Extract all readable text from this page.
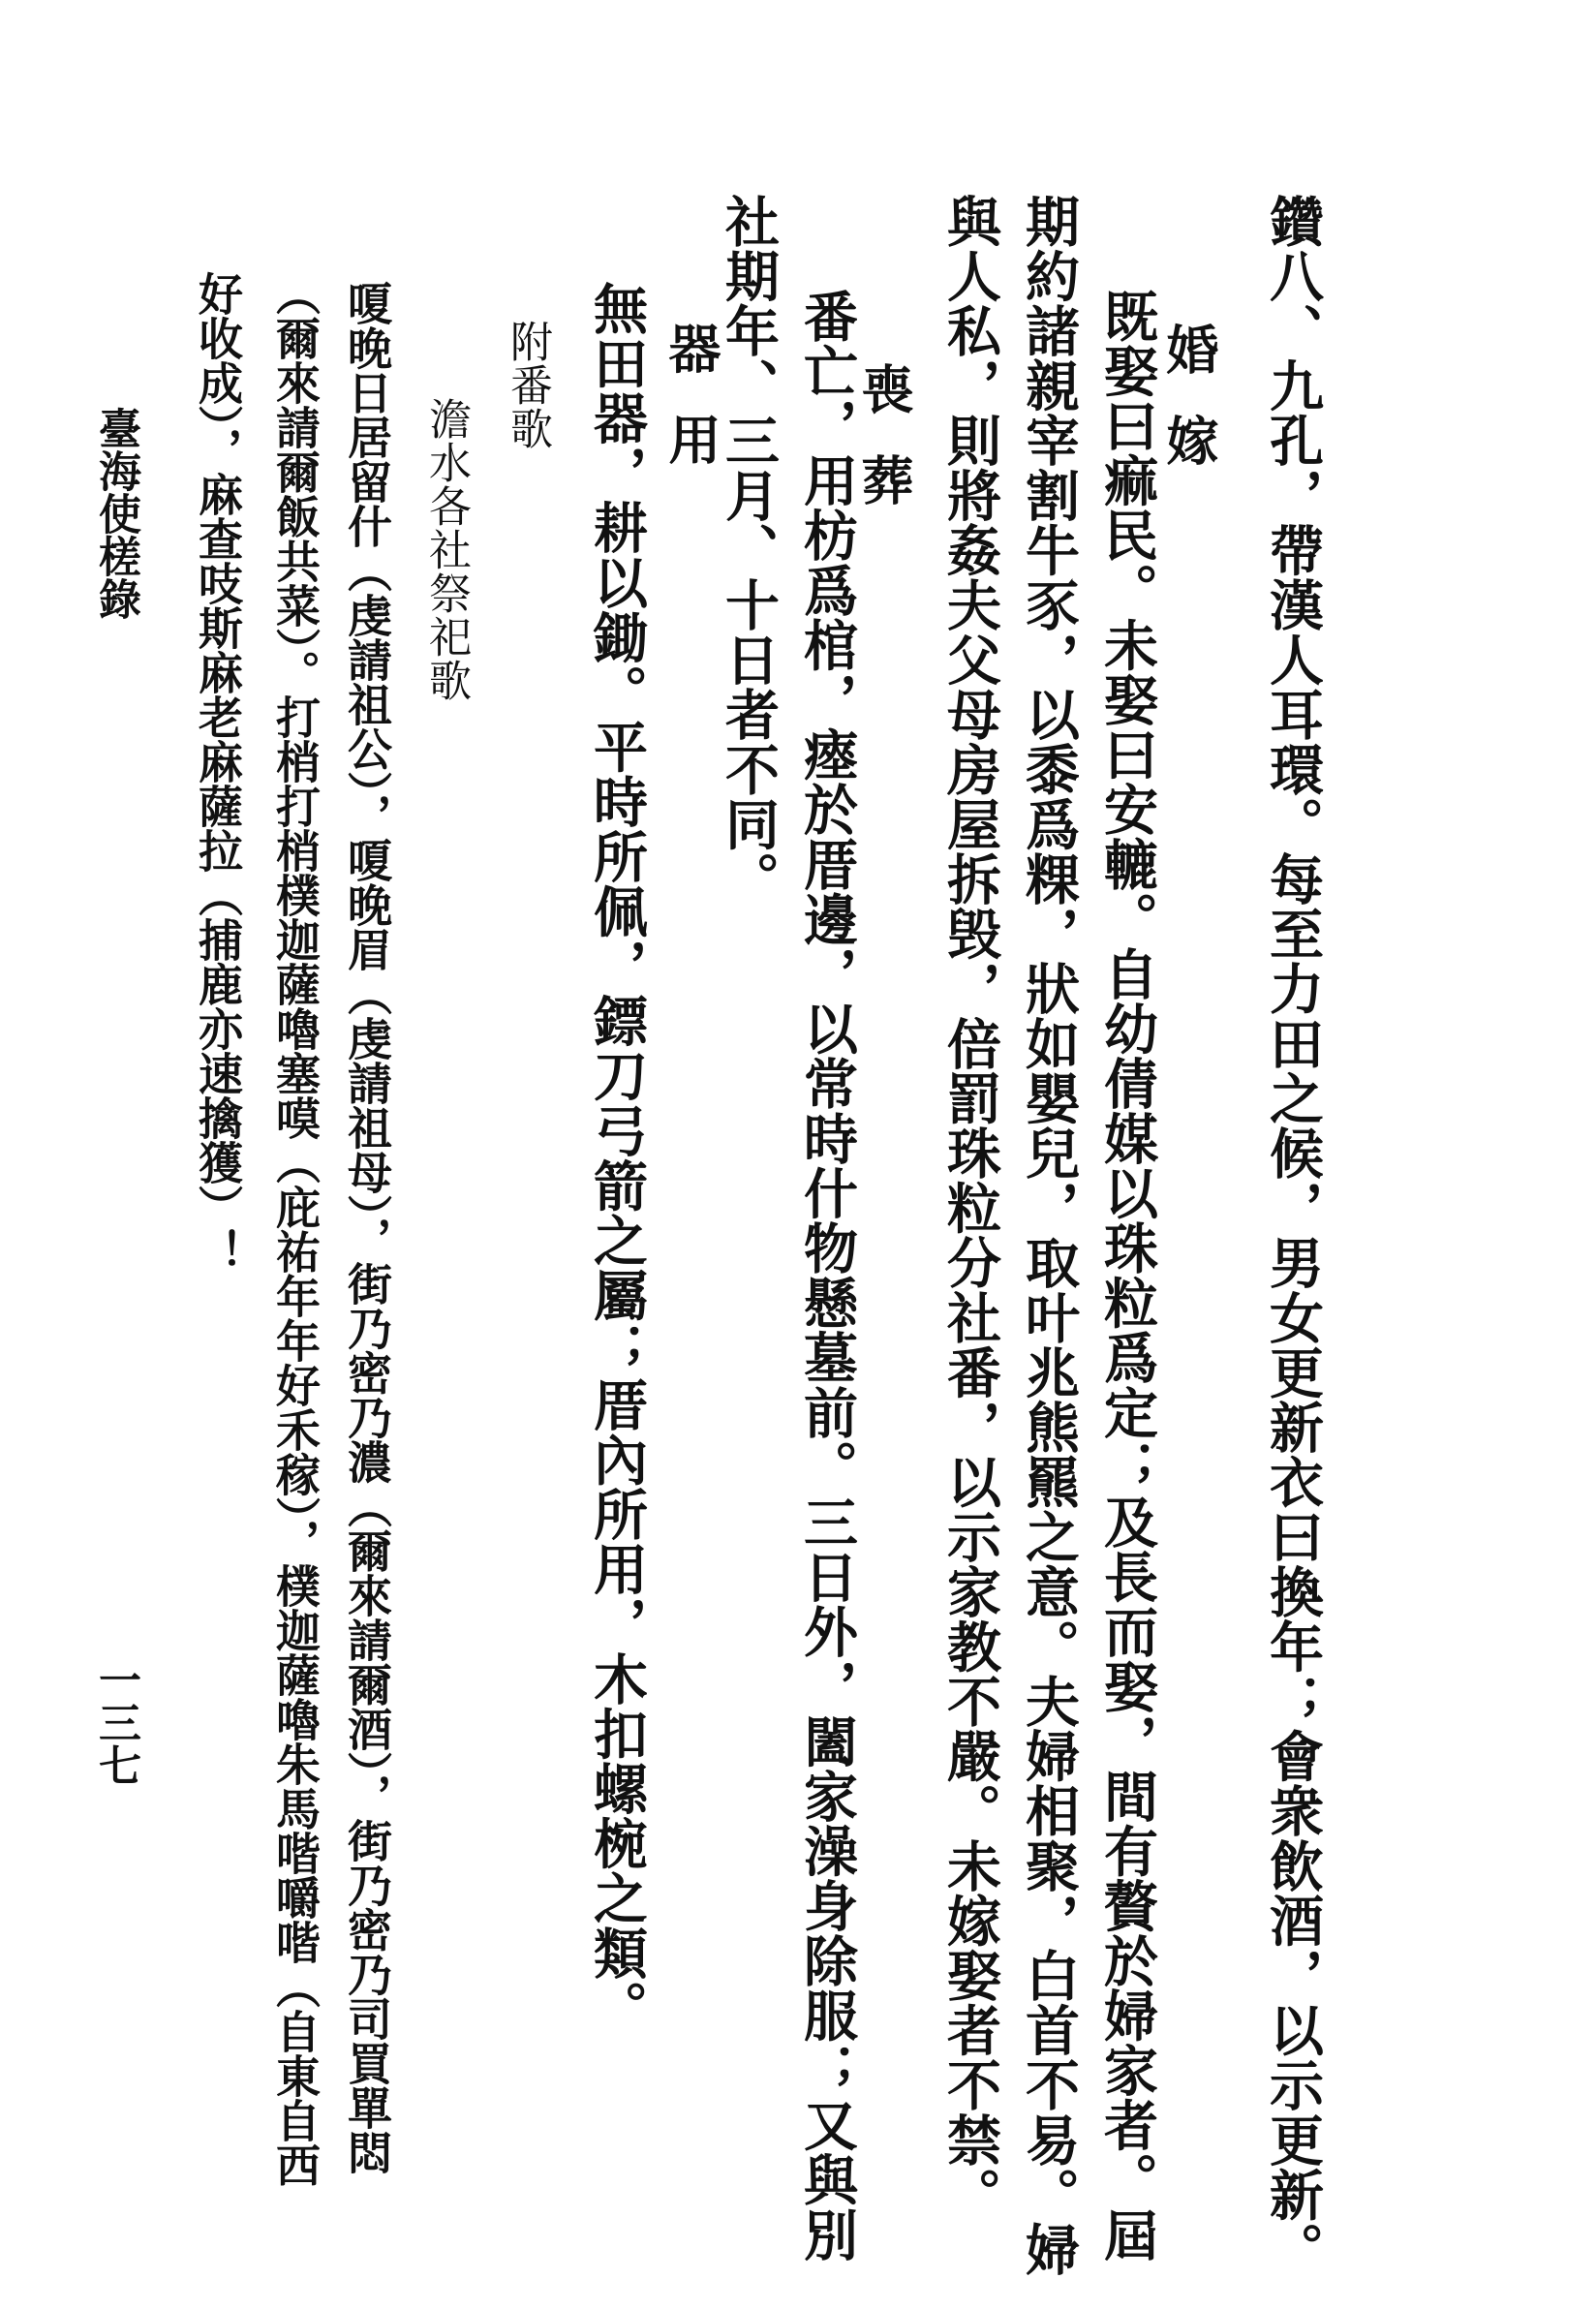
鑽八、九孔，帶漢人耳環。每至力田之候，男女更新衣曰換年；會衆飲酒，以示更新。
婚嫁
既娶曰痲民。未娶曰安轆。自幼倩媒以珠粒爲定；及長而娶，間有贅於婦家者。屆
期約諸親宰割牛豕，以黍爲粿，狀如嬰兒，取叶兆熊羆之意。夫婦相聚，白首不易。婦
與人私，則將姦夫父母房屋拆毁，倍罰珠粒分社番，以示家教不嚴。未嫁娶者不禁。
喪葬
番亡，用枋爲棺，瘞於厝邊，以常時什物懸墓前。三日外，闔家澡身除服；又與別
社期年、三月、十日者不同。
器用
無田器，耕以鋤。平時所佩，鏢刀弓箭之屬；厝內所用，木扣螺椀之類。
附番歌
澹水各社祭祀歌
嗄晚日居留什（虔請祖公），嗄晚眉（虔請祖母），街乃密乃濃（爾來請爾酒），街乃密乃司買單悶
（爾來請爾飯共菜）。打梢打梢樸迦薩嚕塞嗼（庇祐年年好禾稼），樸迦薩嚕朱馬喈嚼喈（自東自西
好收成），麻查吱斯麻老麻薩拉（捕鹿亦速擒獲）！
臺海使槎錄
一三七
